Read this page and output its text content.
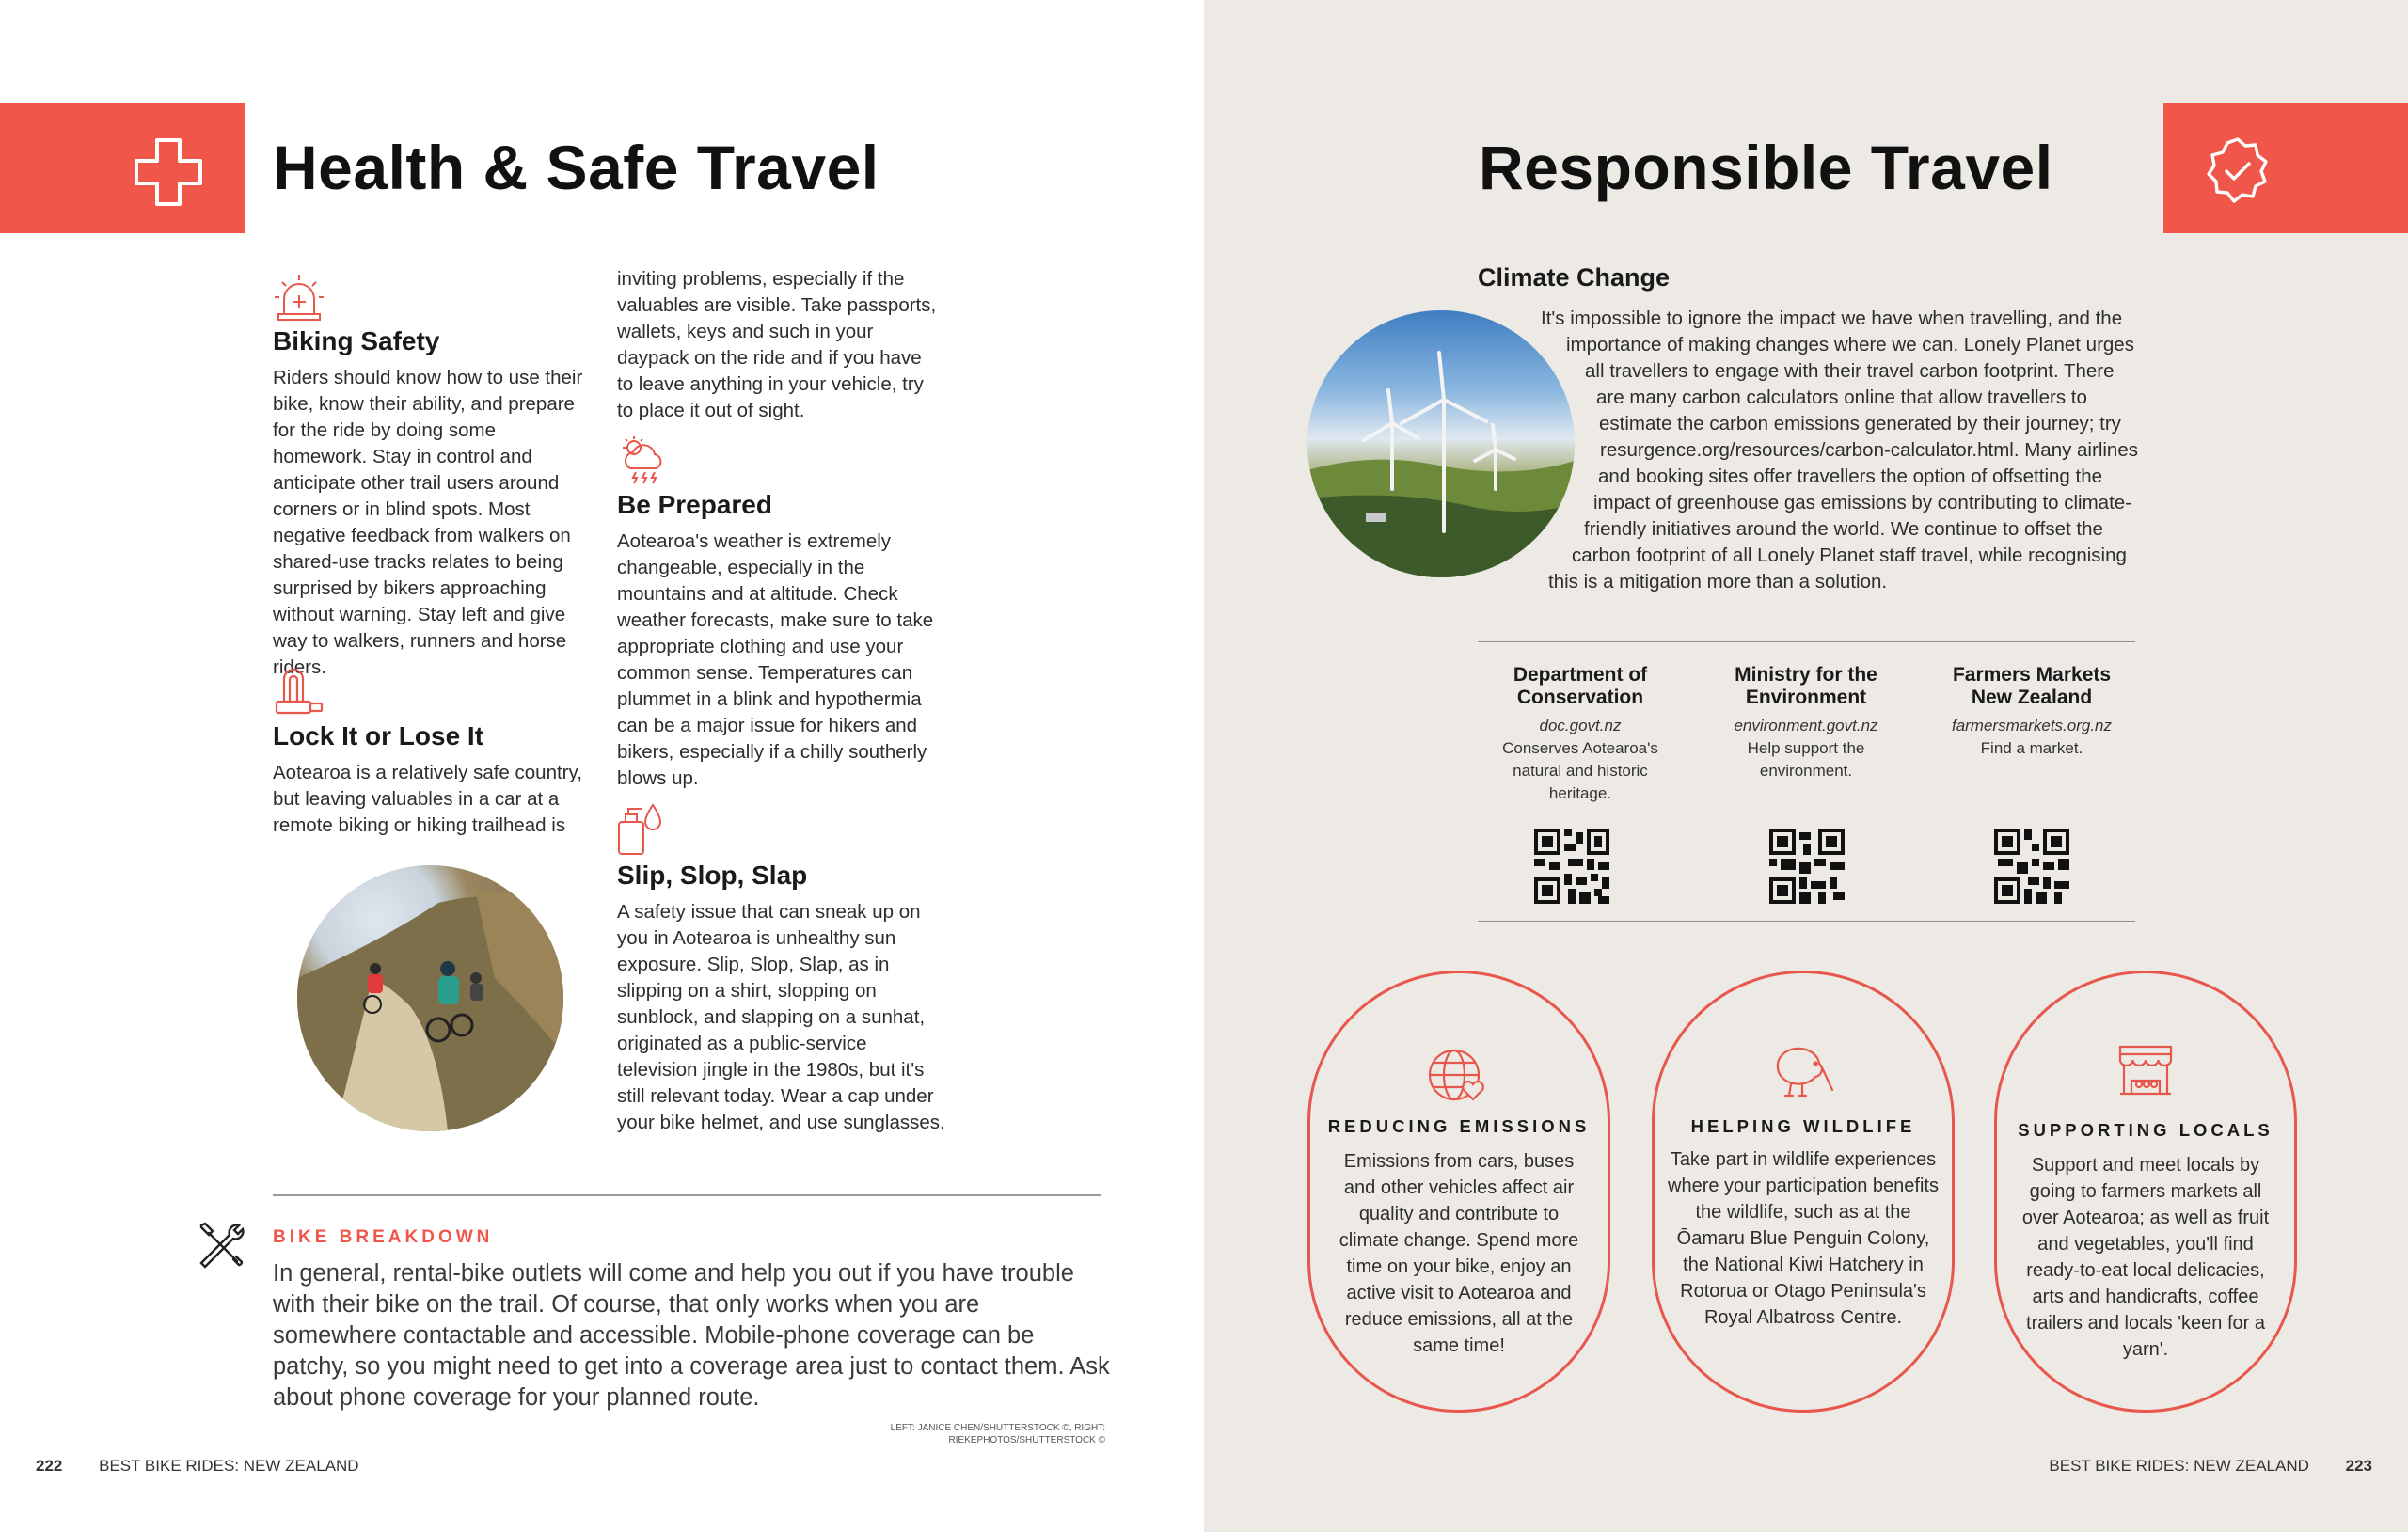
Health & Safe Travel
Biking Safety

Riders should know how to use their bike, know their ability, and prepare for the ride by doing some homework. Stay in control and anticipate other trail users around corners or in blind spots. Most negative feedback from walkers on shared-use tracks relates to being surprised by bikers approaching without warning. Stay left and give way to walkers, runners and horse riders.

Lock It or Lose It

Aotearoa is a relatively safe country, but leaving valuables in a car at a remote biking or hiking trailhead is

inviting problems, especially if the valuables are visible. Take passports, wallets, keys and such in your daypack on the ride and if you have to leave anything in your vehicle, try to place it out of sight.

Be Prepared

Aotearoa's weather is extremely changeable, especially in the mountains and at altitude. Check weather forecasts, make sure to take appropriate clothing and use your common sense. Temperatures can plummet in a blink and hypothermia can be a major issue for hikers and bikers, especially if a chilly southerly blows up.

Slip, Slop, Slap

A safety issue that can sneak up on you in Aotearoa is unhealthy sun exposure. Slip, Slop, Slap, as in slipping on a shirt, slopping on sunblock, and slapping on a sunhat, originated as a public-service television jingle in the 1980s, but it's still relevant today. Wear a cap under your bike helmet, and use sunglasses.

BIKE BREAKDOWN
In general, rental-bike outlets will come and help you out if you have trouble with their bike on the trail. Of course, that only works when you are somewhere contactable and accessible. Mobile-phone coverage can be patchy, so you might need to get into a coverage area just to contact them. Ask about phone coverage for your planned route.
LEFT: JANICE CHEN/SHUTTERSTOCK ©, RIGHT:
RIEKEPHOTOS/SHUTTERSTOCK ©
222 BEST BIKE RIDES: NEW ZEALAND
Responsible Travel
Climate Change
It's impossible to ignore the impact we have when travelling, and the
importance of making changes where we can. Lonely Planet urges
all travellers to engage with their travel carbon footprint. There
are many carbon calculators online that allow travellers to
estimate the carbon emissions generated by their journey; try
resurgence.org/resources/carbon-calculator.html. Many airlines
and booking sites offer travellers the option of offsetting the
impact of greenhouse gas emissions by contributing to climate-
friendly initiatives around the world. We continue to offset the
carbon footprint of all Lonely Planet staff travel, while recognising
this is a mitigation more than a solution.
Department of
Conservation
doc.govt.nz
Conserves Aotearoa's natural and historic heritage.
Ministry for the
Environment
environment.govt.nz
Help support the environment.
Farmers Markets
New Zealand
farmersmarkets.org.nz
Find a market.
REDUCING EMISSIONS
Emissions from cars, buses and other vehicles affect air quality and contribute to climate change. Spend more time on your bike, enjoy an active visit to Aotearoa and reduce emissions, all at the same time!
HELPING WILDLIFE
Take part in wildlife experiences where your participation benefits the wildlife, such as at the Ōamaru Blue Penguin Colony, the National Kiwi Hatchery in Rotorua or Otago Peninsula's Royal Albatross Centre.
SUPPORTING LOCALS
Support and meet locals by going to farmers markets all over Aotearoa; as well as fruit and vegetables, you'll find ready-to-eat local delicacies, arts and handicrafts, coffee trailers and locals 'keen for a yarn'.
BEST BIKE RIDES: NEW ZEALAND 223
